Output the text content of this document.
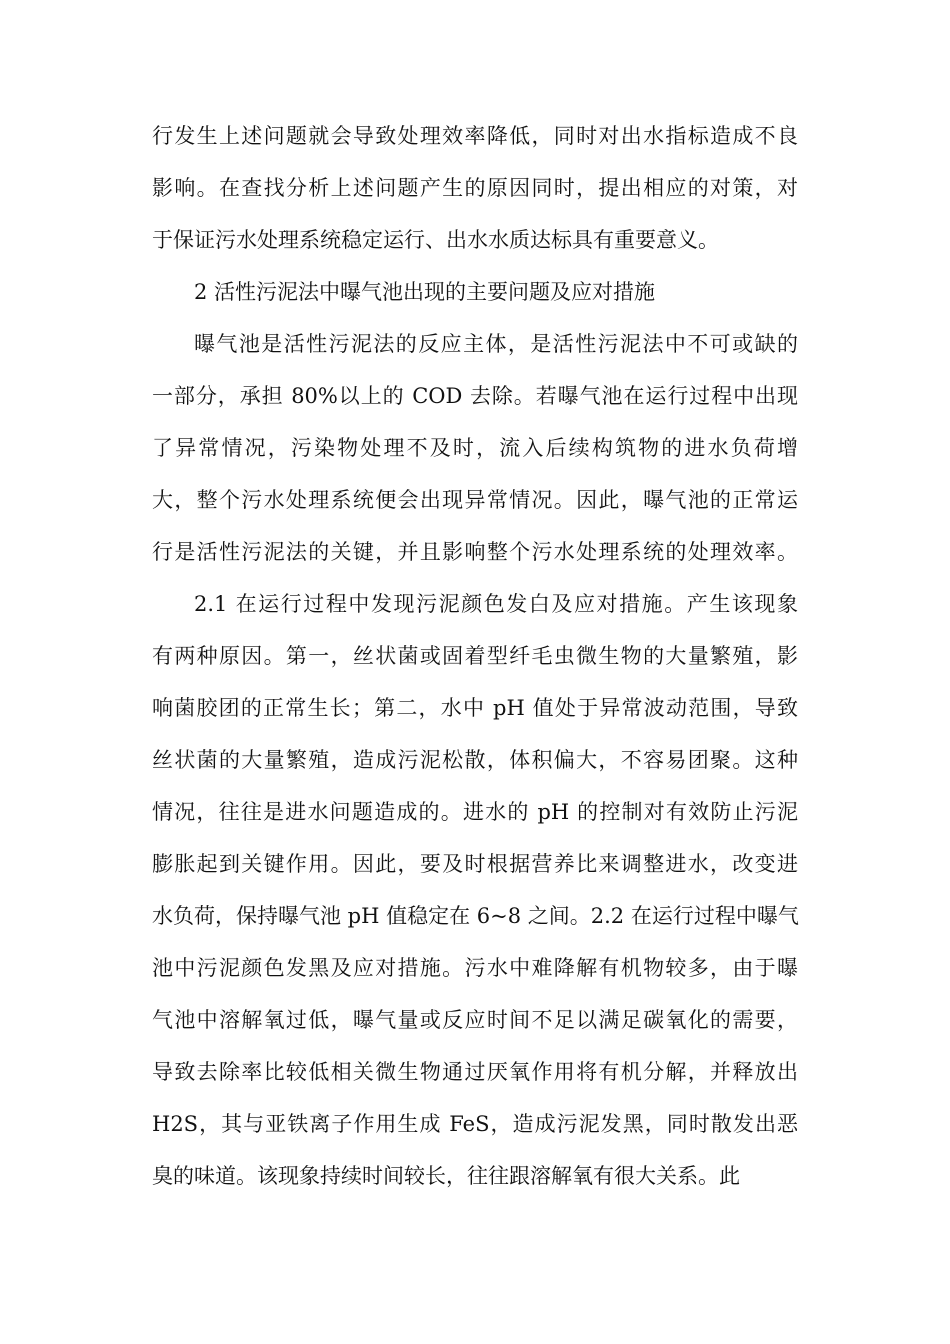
行发生上述问题就会导致处理效率降低，同时对出水指标造成不良
影响。在查找分析上述问题产生的原因同时，提出相应的对策，对
于保证污水处理系统稳定运行、出水水质达标具有重要意义。
2 活性污泥法中曝气池出现的主要问题及应对措施
曝气池是活性污泥法的反应主体，是活性污泥法中不可或缺的
一部分，承担 80%以上的 COD 去除。若曝气池在运行过程中出现
了异常情况，污染物处理不及时，流入后续构筑物的进水负荷增
大，整个污水处理系统便会出现异常情况。因此，曝气池的正常运
行是活性污泥法的关键，并且影响整个污水处理系统的处理效率。
2.1 在运行过程中发现污泥颜色发白及应对措施。产生该现象
有两种原因。第一，丝状菌或固着型纤毛虫微生物的大量繁殖，影
响菌胶团的正常生长；第二，水中 pH 值处于异常波动范围，导致
丝状菌的大量繁殖，造成污泥松散，体积偏大，不容易团聚。这种
情况，往往是进水问题造成的。进水的 pH 的控制对有效防止污泥
膨胀起到关键作用。因此，要及时根据营养比来调整进水，改变进
水负荷，保持曝气池 pH 值稳定在 6~8 之间。2.2 在运行过程中曝气
池中污泥颜色发黑及应对措施。污水中难降解有机物较多，由于曝
气池中溶解氧过低，曝气量或反应时间不足以满足碳氧化的需要，
导致去除率比较低相关微生物通过厌氧作用将有机分解，并释放出
H2S，其与亚铁离子作用生成 FeS，造成污泥发黑，同时散发出恶
臭的味道。该现象持续时间较长，往往跟溶解氧有很大关系。此
